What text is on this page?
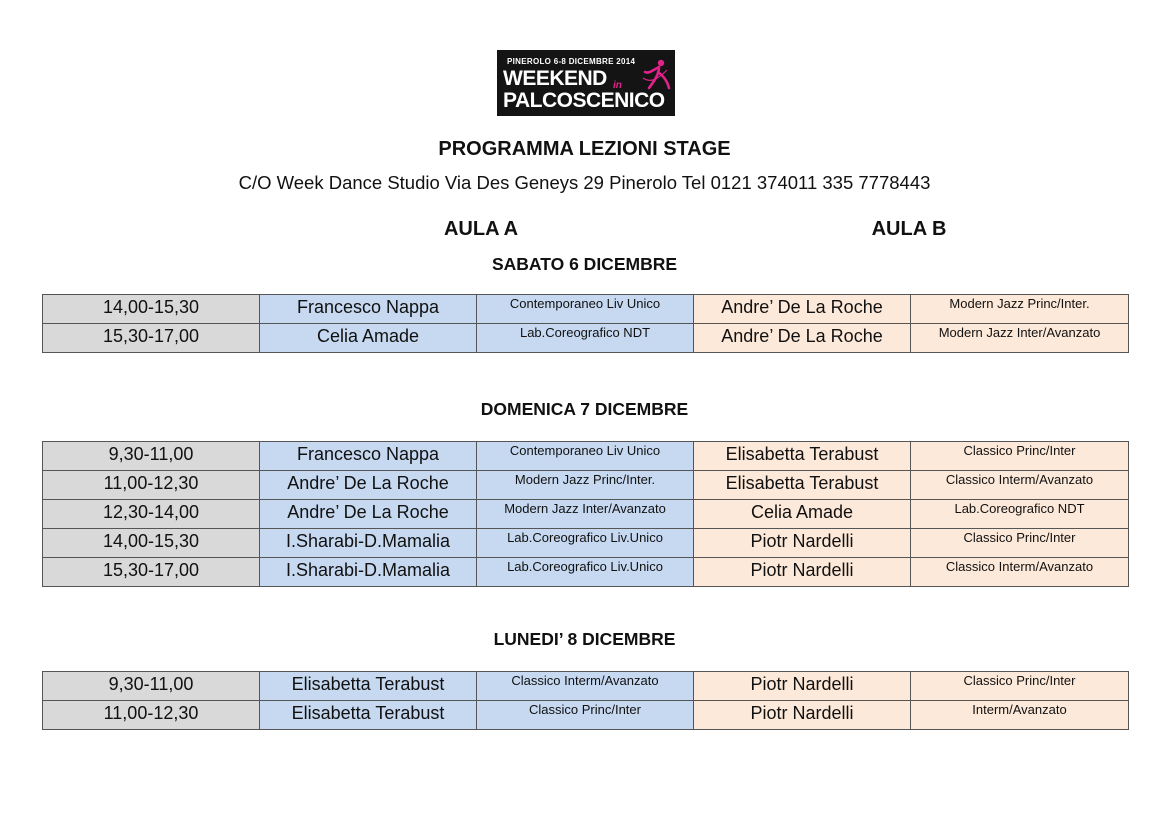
PINEROLO 6-8 DICEMBRE 2014
WEEKEND in
PALCOSCENICO
PROGRAMMA LEZIONI STAGE
C/O Week Dance Studio Via Des Geneys 29 Pinerolo Tel 0121 374011 335 7778443
AULA A	AULA B
SABATO 6 DICEMBRE
14,00-15,30	Francesco Nappa	Contemporaneo Liv Unico	Andre’ De La Roche	Modern Jazz Princ/Inter.

15,30-17,00	Celia Amade	Lab.Coreografico NDT	Andre’ De La Roche	Modern Jazz Inter/Avanzato
DOMENICA 7 DICEMBRE
9,30-11,00	Francesco Nappa	Contemporaneo Liv Unico	Elisabetta Terabust	Classico Princ/Inter

11,00-12,30	Andre’ De La Roche	Modern Jazz Princ/Inter.	Elisabetta Terabust	Classico Interm/Avanzato

12,30-14,00	Andre’ De La Roche	Modern Jazz Inter/Avanzato	Celia Amade	Lab.Coreografico NDT

14,00-15,30	I.Sharabi-D.Mamalia	Lab.Coreografico Liv.Unico	Piotr Nardelli	Classico Princ/Inter

15,30-17,00	I.Sharabi-D.Mamalia	Lab.Coreografico Liv.Unico	Piotr Nardelli	Classico Interm/Avanzato
LUNEDI’ 8 DICEMBRE
9,30-11,00	Elisabetta Terabust	Classico Interm/Avanzato	Piotr Nardelli	Classico Princ/Inter

11,00-12,30	Elisabetta Terabust	Classico Princ/Inter	Piotr Nardelli	Interm/Avanzato
